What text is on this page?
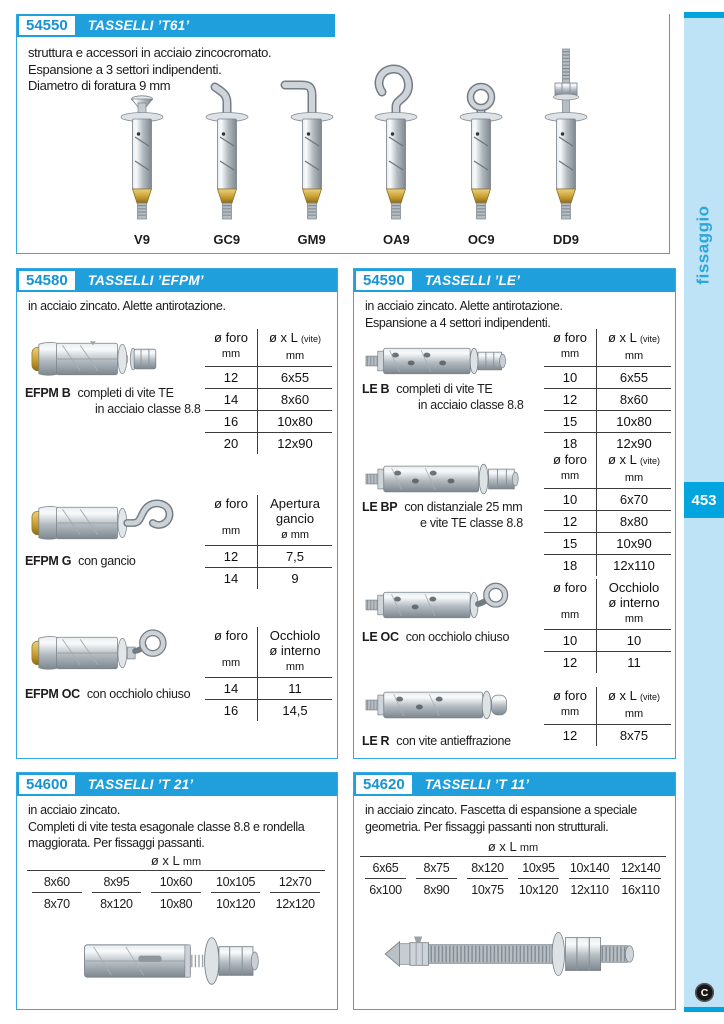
54550	TASSELLI ’T61’
struttura e accessori in acciaio zincocromato.
Espansione a 3 settori indipendenti.
Diametro di foratura 9 mm
V9	GC9	GM9	OA9	OC9	DD9
54580	TASSELLI ’EFPM’
in acciaio zincato. Alette antirotazione.
EFPM B completi di vite TE
in acciaio classe 8.8
ø foro
mm
ø x L (vite)
mm
12	6x55
14	8x60
16	10x80
20	12x90
EFPM G con gancio
ø foro
mm
Apertura
gancio
ø mm
12	7,5
14	9
EFPM OC con occhiolo chiuso
ø foro
mm
Occhiolo
ø interno
mm
14	11
16	14,5
54590	TASSELLI ’LE’
in acciaio zincato. Alette antirotazione.
Espansione a 4 settori indipendenti.
LE B completi di vite TE
in acciaio classe 8.8
ø foro
mm
ø x L (vite)
mm
10	6x55
12	8x60
15	10x80
18	12x90
LE BP con distanziale 25 mm
e vite TE classe 8.8
ø foro
mm
ø x L (vite)
mm
10	6x70
12	8x80
15	10x90
18	12x110
LE OC con occhiolo chiuso
ø foro
mm
Occhiolo
ø interno
mm
10	10
12	11
LE R con vite antieffrazione
ø foro
mm
ø x L (vite)
mm
12	8x75
54600	TASSELLI ’T 21’
in acciaio zincato.
Completi di vite testa esagonale classe 8.8 e rondella
maggiorata. Per fissaggi passanti.
ø x L mm
8x60	8x95	10x60	10x105	12x70
8x70	8x120	10x80	10x120	12x120
54620	TASSELLI ’T 11’
in acciaio zincato. Fascetta di espansione a speciale
geometria. Per fissaggi passanti non strutturali.
ø x L mm
6x65	8x75	8x120	10x95	10x140 12x140
6x100	8x90	10x75	10x120 12x110	16x110
fissaggio
453
C
